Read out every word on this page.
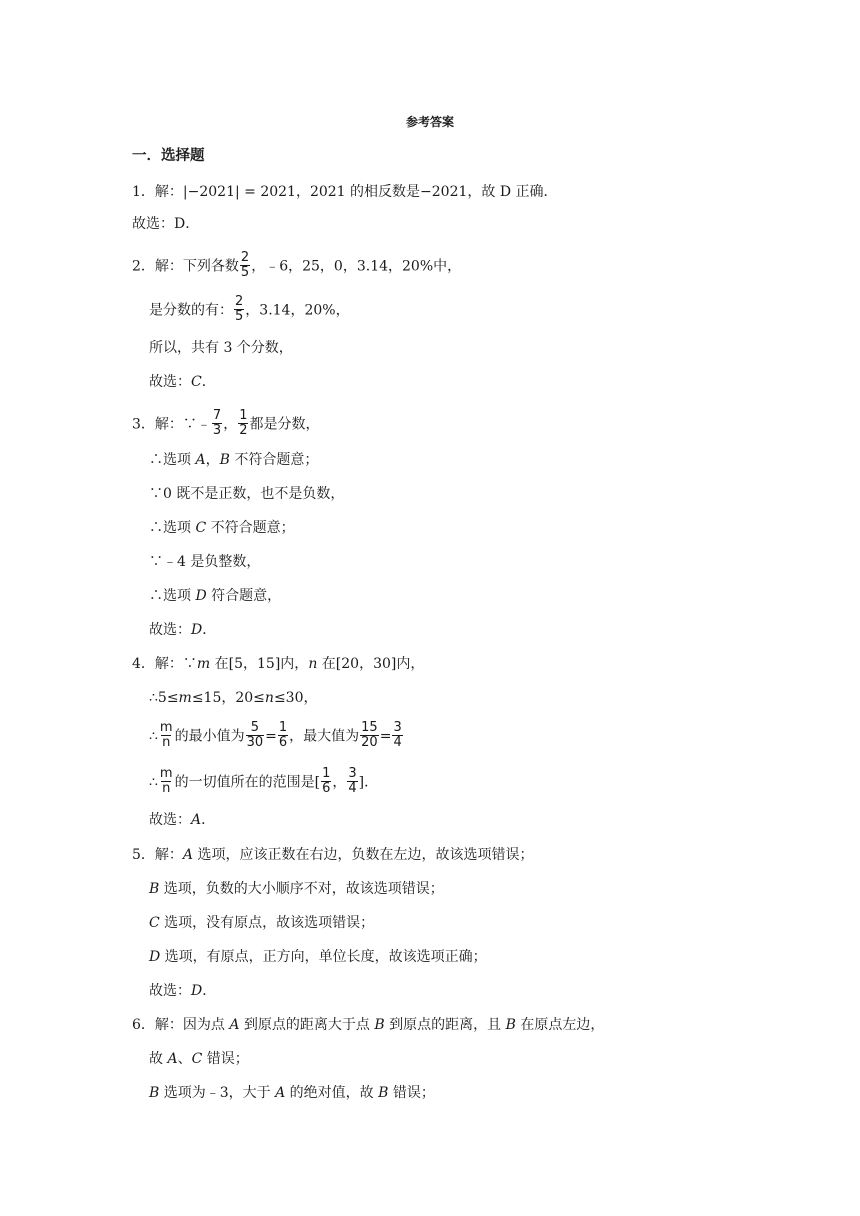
参考答案
一．选择题
1．解：|−2021| = 2021，2021 的相反数是−2021，故 D 正确．
故选：D．
2．解：下列各数 $\frac{2}{5}$ ，﹣6，25，0，3.14，20%中，
是分数的有： $\frac{2}{5}$ ，3.14，20%，
所以，共有 3 个分数，
故选：C．
3．解：∵﹣ $\frac{7}{3}$ ， $\frac{1}{2}$ 都是分数，
∴选项 A，B 不符合题意；
∵0 既不是正数，也不是负数，
∴选项 C 不符合题意；
∵﹣4 是负整数，
∴选项 D 符合题意，
故选：D．
4．解：∵m 在[5，15]内，n 在[20，30]内，
∴5≤m≤15，20≤n≤30，
∴ $\frac{m}{n}$ 的最小值为 $\frac{5}{30} = \frac{1}{6}$ ，最大值为 $\frac{15}{20} = \frac{3}{4}$
∴ $\frac{m}{n}$ 的一切值所在的范围是[ $\frac{1}{6}$ ， $\frac{3}{4}$ ]．
故选：A．
5．解：A 选项，应该正数在右边，负数在左边，故该选项错误；
B 选项，负数的大小顺序不对，故该选项错误；
C 选项，没有原点，故该选项错误；
D 选项，有原点，正方向，单位长度，故该选项正确；
故选：D．
6．解：因为点 A 到原点的距离大于点 B 到原点的距离，且 B 在原点左边，
故 A、C 错误；
B 选项为﹣3，大于 A 的绝对值，故 B 错误；
